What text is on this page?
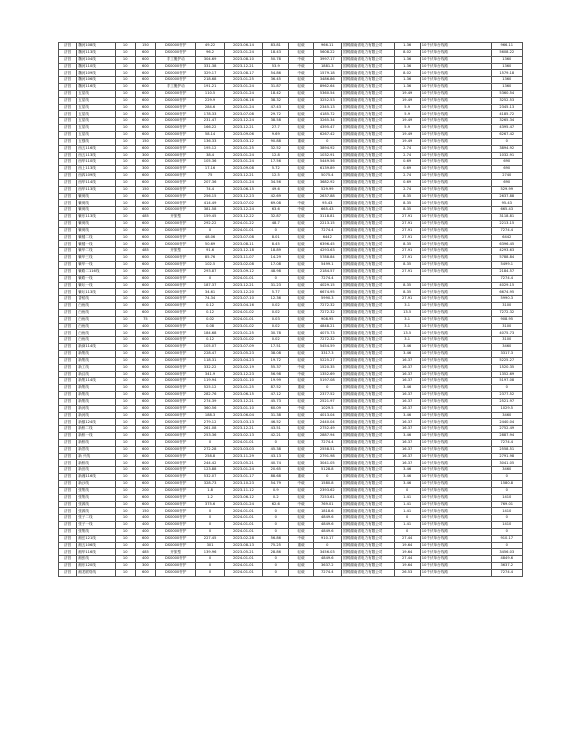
济昌	魏河108线	10	150	DS0000杆护	49.22	2023-06-14	83.81	轻载	966.11	国网湖南省电力有限公司	1.36	10千伏单台线路	966.11
济昌	魏河113线	10	600	DS0000杆护	96.2	2023-01-24	18.43	轻载	5608.22	国网湖南省电力有限公司	8.02	10千伏单台线路	5608.22
济昌	魏河104线	10	600	手工搬护动	304.69	2023-08-10	50.78	中载	3997.17	国网湖南省电力有限公司	1.36	10千伏单台线路	1360
济昌	魏河110线	10	600	DS0000杆护	331.38	2023-12-21	53.9	中载	1881.3	国网湖南省电力有限公司	1.36	10千伏单台线路	1360
济昌	魏河109线	10	600	DS0000杆护	329.17	2023-08-17	54.86	中载	1579.18	国网湖南省电力有限公司	8.02	10千伏单台线路	1579.18
济昌	魏河106线	10	600	DS0000杆护	218.68	2023-01-25	36.45	轻载	3486.86	国网湖南省电力有限公司	1.36	10千伏单台线路	1360
济昌	魏河116线	10	600	手工搬护动	191.21	2023-01-24	31.87	轻载	8962.64	国网湖南省电力有限公司	1.36	10千伏单台线路	1360
济昌	五星线	10	600	DS0000杆护	110.5	2023-01-24	18.42	轻载	5360.54	国网湖南省电力有限公司	19.49	10千伏单台线路	5360.54
济昌	五星线	10	600	DS0000杆护	229.9	2023-06-16	38.32	轻载	3252.53	国网湖南省电力有限公司	19.49	10千伏单台线路	3252.53
济昌	五星线	10	600	DS0000杆护	284.6	2023-01-24	47.43	轻载	2345.13	国网湖南省电力有限公司	5.9	10千伏单台线路	2345.13
济昌	五星线	10	600	DS0000杆护	178.33	2023-07-08	29.72	轻载	4185.72	国网湖南省电力有限公司	5.9	10千伏单台线路	4185.72
济昌	五星线	10	600	DS0000杆护	231.47	2023-12-24	38.58	轻载	3265.34	国网湖南省电力有限公司	19.49	10千伏单台线路	3265.34
济昌	五星线	10	600	DS0000杆护	166.22	2023-12-21	27.7	轻载	4395.47	国网湖南省电力有限公司	5.9	10千伏单台线路	4395.47
济昌	五星线	10	600	DS0000杆护	58.14	2023-09-06	9.69	轻载	6267.42	国网湖南省电力有限公司	19.49	10千伏单台线路	6267.42
济昌	五强线	10	150	DS0000杆护	136.33	2023-03-12	90.88	重载	0	国网湖南省电力有限公司	19.49	10千伏单台线路	0
济昌	西五116线	10	600	DS0000杆护	195.12	2023-01-25	32.52	轻载	3894.92	国网湖南省电力有限公司	2.74	10千伏单台线路	3894.92
济昌	西五113线	10	300	DS0000杆护	38.4	2023-01-24	12.8	轻载	1032.91	国网湖南省电力有限公司	2.74	10千伏单台线路	1032.91
济昌	西华110线	10	600	DS0000杆护	105.36	2023-01-24	17.56	轻载	5449.56	国网湖南省电力有限公司	0.69	10千伏单台线路	690
济昌	西上113线	10	300	DS0000杆护	17.16	2023-09-08	5.72	轻载	6139.89	国网湖南省电力有限公司	0.69	10千伏单台线路	690
济昌	西四109线	10	600	DS0000杆护	75	2023-12-21	12.5	轻载	5075.4	国网湖南省电力有限公司	2.74	10千伏单台线路	2740
济昌	西华114线	10	600	DS0000杆护	207.36	2023-01-24	34.56	轻载	3682.92	国网湖南省电力有限公司	0.69	10千伏单台线路	690
济昌	西华113线	10	150	DS0000杆护	74.4	2023-06-15	49.6	轻载	529.99	国网湖南省电力有限公司	2.74	10千伏单台线路	529.99
济昌	紫荷线	10	600	DS0000杆护	256.15	2023-12-23	42.69	轻载	2637.88	国网湖南省电力有限公司	8.35	10千伏单台线路	2637.88
济昌	紫荷线	10	600	DS0000杆护	414.49	2023-07-02	69.08	中载	95.43	国网湖南省电力有限公司	8.35	10千伏单台线路	95.43
济昌	紫荷线	10	600	DS0000杆护	381.58	2023-12-24	63.6	中载	665.43	国网湖南省电力有限公司	8.35	10千伏单台线路	665.43
济昌	紫东113线	10	485	开旅型	159.45	2023-12-22	32.87	轻载	3118.81	国网湖南省电力有限公司	27.91	10千伏单台线路	3118.81
济昌	紫荷线	10	600	DS0000杆护	292.22	2024-01-22	48.7	轻载	2213.15	国网湖南省电力有限公司	27.91	10千伏单台线路	2213.15
济昌	紫荷线	10	600	DS0000杆护	0	2024-01-01	0	轻载	7274.4	国网湖南省电力有限公司	27.91	10千伏单台线路	7274.4
济昌	紫楼二线	10	600	DS0000杆护	48.06	2023-07-08	8.01	轻载	6442	国网湖南省电力有限公司	27.91	10千伏单台线路	6442
济昌	紫楼一线	10	600	DS0000杆护	50.69	2023-08-11	8.45	轻载	6396.45	国网湖南省电力有限公司	8.35	10千伏单台线路	6396.45
济昌	紫华二线	10	485	开旅型	91.6	2023-12-18	18.89	轻载	4293.63	国网湖南省电力有限公司	27.91	10千伏单台线路	4293.63
济昌	紫华三线	10	600	DS0000杆护	85.76	2023-11-07	14.29	轻载	5788.84	国网湖南省电力有限公司	27.91	10千伏单台线路	5788.84
济昌	紫华一线	10	600	DS0000杆护	102.5	2023-02-08	17.08	轻载	5499.1	国网湖南省电力有限公司	8.35	10千伏单台线路	5499.1
济昌	紫路二116线	10	600	DS0000杆护	293.87	2023-09-12	48.98	轻载	2184.57	国网湖南省电力有限公司	27.91	10千伏单台线路	2184.57
济昌	紫路一线	10	600	DS0000杆护	0	2024-01-01	0	轻载	7274.4	国网湖南省电力有限公司			7274.4
济昌	紫坛一线	10	600	DS0000杆护	187.37	2023-12-21	31.23	轻载	4029.15	国网湖南省电力有限公司	8.35	10千伏单台线路	4029.15
济昌	紫坛113线	10	600	DS0000杆护	34.61	2023-12-20	5.77	轻载	6674.95	国网湖南省电力有限公司	8.35	10千伏单台线路	6674.95
济昌	香稻线	10	600	DS0000杆护	74.34	2023-07-10	12.36	轻载	5990.3	国网湖南省电力有限公司	27.91	10千伏单台线路	5990.3
济昌	白鱼线	10	600	DS0000杆护	0.12	2023-04-16	0.02	轻载	7272.32	国网湖南省电力有限公司	3.1	10千伏单台线路	3100
济昌	白鱼线	10	600	DS0000杆护	0.12	2024-01-02	0.02	轻载	7272.32	国网湖南省电力有限公司	13.5	10千伏单台线路	7272.32
济昌	白鱼线	10	75	DS0000杆护	0.02	2024-01-01	0.03	轻载	908.95	国网湖南省电力有限公司	3.1	10千伏单台线路	908.95
济昌	白鱼线	10	400	DS0000杆护	0.08	2023-01-02	0.02	轻载	4848.21	国网湖南省电力有限公司	3.1	10千伏单台线路	3100
济昌	白鱼线	10	600	DS0000杆护	184.68	2023-01-25	30.78	轻载	4075.73	国网湖南省电力有限公司	13.5	10千伏单台线路	4075.73
济昌	白鱼线	10	600	DS0000杆护	0.12	2023-01-02	0.02	轻载	7272.32	国网湖南省电力有限公司	3.1	10千伏单台线路	3100
济昌	新商114线	10	600	DS0000杆护	105.07	2023-07-09	17.51	轻载	5454.59	国网湖南省电力有限公司	3.46	10千伏单台线路	3460
济昌	新集线	10	600	DS0000杆护	228.47	2023-05-23	38.08	轻载	3317.3	国网湖南省电力有限公司	3.46	10千伏单台线路	3317.3
济昌	新集线	10	600	DS0000杆护	118.31	2023-04-23	19.72	轻载	5225.27	国网湖南省电力有限公司	16.37	10千伏单台线路	5225.27
济昌	新工线	10	600	DS0000杆护	332.22	2023-02-19	55.37	中载	1520.35	国网湖南省电力有限公司	16.37	10千伏单台线路	1520.35
济昌	新汉线	10	600	DS0000杆护	341.9	2023-12-23	56.98	中载	1352.69	国网湖南省电力有限公司	16.37	10千伏单台线路	1352.69
济昌	新集114线	10	600	DS0000杆护	119.94	2023-01-10	19.99	轻载	5197.08	国网湖南省电力有限公司	16.37	10千伏单台线路	5197.08
济昌	新集线	10	600	DS0000杆护	525.12	2023-01-25	87.52	重载	0	国网湖南省电力有限公司	3.46	10千伏单台线路	0
济昌	新集线	10	600	DS0000杆护	282.76	2023-06-15	47.12	轻载	2377.52	国网湖南省电力有限公司	16.37	10千伏单台线路	2377.52
济昌	新集线	10	600	DS0000杆护	274.39	2023-12-21	45.73	轻载	2521.97	国网湖南省电力有限公司	16.37	10千伏单台线路	2521.97
济昌	新河线	10	600	DS0000杆护	360.56	2023-01-10	60.09	中载	1029.5	国网湖南省电力有限公司	16.37	10千伏单台线路	1029.5
济昌	新河线	10	600	DS0000杆护	188.3	2023-06-04	31.38	轻载	4013.04	国网湖南省电力有限公司	3.46	10千伏单台线路	3460
济昌	新镇124线	10	600	DS0000杆护	279.12	2023-03-13	46.52	轻载	2440.04	国网湖南省电力有限公司	16.37	10千伏单台线路	2440.04
济昌	新桥二线	10	600	DS0000杆护	261.08	2023-12-21	43.51	轻载	2752.49	国网湖南省电力有限公司	16.37	10千伏单台线路	2752.49
济昌	新桥一线	10	600	DS0000杆护	253.36	2023-02-13	42.21	轻载	2887.94	国网湖南省电力有限公司	3.46	10千伏单台线路	2887.94
济昌	新桥线	10	600	DS0000杆护	0	2024-01-01	0	轻载	7274.4	国网湖南省电力有限公司	16.37	10千伏单台线路	7274.4
济昌	新景线	10	600	DS0000杆护	272.28	2023-03-03	45.38	轻载	2558.51	国网湖南省电力有限公司	16.37	10千伏单台线路	2558.51
济昌	新 兴线	10	600	DS0000杆护	258.8	2023-11-29	43.13	轻载	2791.98	国网湖南省电力有限公司	16.37	10千伏单台线路	2791.98
济昌	新桥线	10	600	DS0000杆护	244.42	2023-05-21	40.74	轻载	3041.05	国网湖南省电力有限公司	16.37	10千伏单台线路	3041.05
济昌	新田线	10	600	DS0000杆护	123.88	2023-01-24	20.65	轻载	5128.8	国网湖南省电力有限公司	3.46	10千伏单台线路	3460
济昌	新湘116线	10	600	DS0000杆护	532.07	2023-01-17	88.68	重载	0	国网湖南省电力有限公司	3.46	10千伏单台线路	0
济昌	新沙线	10	600	DS0000杆护	328.73	2023-10-23	54.79	中载	1580.8	国网湖南省电力有限公司	3.46	10千伏单台线路	1580.8
济昌	张集线	10	200	DS0000杆护	1.8	2023-11-12	0.9	轻载	2393.62	国网湖南省电力有限公司	0	10千伏单台线路	0
济昌	张集线	10	600	DS0000杆护	1.2	2023-06-12	0.2	轻载	7253.61	国网湖南省电力有限公司	1.41	10千伏单台线路	1410
济昌	张源线	10	600	DS0000杆护	375.6	2023-01-24	62.6	中载	769.01	国网湖南省电力有限公司	1.41	10千伏单台线路	769.01
济昌	张源线	10	150	DS0000杆护	0	2024-01-01	0	轻载	1818.6	国网湖南省电力有限公司	1.41	10千伏单台线路	1410
济昌	张子二线	10	400	DS0000杆护	0	2024-01-01	0	轻载	4849.6	国网湖南省电力有限公司	0	10千伏单台线路	0
济昌	张子一线	10	400	DS0000杆护	0	2024-01-01	0	轻载	4849.6	国网湖南省电力有限公司	1.41	10千伏单台线路	1410
济昌	张集线	10	400	DS0000杆护	0	2024-01-01	0	轻载	4849.6	国网湖南省电力有限公司	0	10千伏单台线路	0
济昌	湘岳121线	10	600	DS0000杆护	227.45	2023-02-28	56.86	中载	910.17	国网湖南省电力有限公司	27.44	10千伏单台线路	910.17
济昌	湘五106线	10	400	DS0000杆护	301	2023-08-13	75.25	重载	0	国网湖南省电力有限公司	19.64	10千伏单台线路	0
济昌	湘华116线	10	485	开旅型	139.96	2023-05-21	28.86	轻载	3456.03	国网湖南省电力有限公司	19.64	10千伏单台线路	3456.03
济昌	湘张线	10	400	DS0000杆护	0	2024-01-01	0	轻载	4849.6	国网湖南省电力有限公司	27.44	10千伏单台线路	4849.6
济昌	湘东120线	10	300	DS0000杆护	0	2024-01-01	0	轻载	3637.2	国网湖南省电力有限公司	19.64	10千伏单台线路	3637.2
济昌	湘龙联络线	10	600	DS0000杆护	0	2024-01-01	0	轻载	7274.4	国网湖南省电力有限公司	26.53	10千伏单台线路	7274.4
